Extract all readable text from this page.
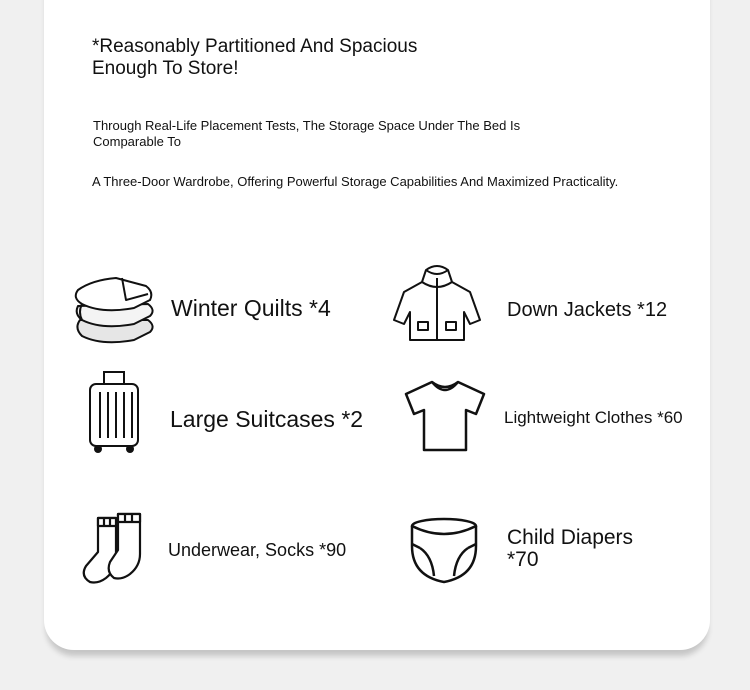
*Reasonably Partitioned And Spacious Enough To Store!
Through Real-Life Placement Tests, The Storage Space Under The Bed Is Comparable To
A Three-Door Wardrobe, Offering Powerful Storage Capabilities And Maximized Practicality.
Winter Quilts *4	Down Jackets *12
Large Suitcases *2	Lightweight Clothes *60
Underwear, Socks *90
Child Diapers *70
